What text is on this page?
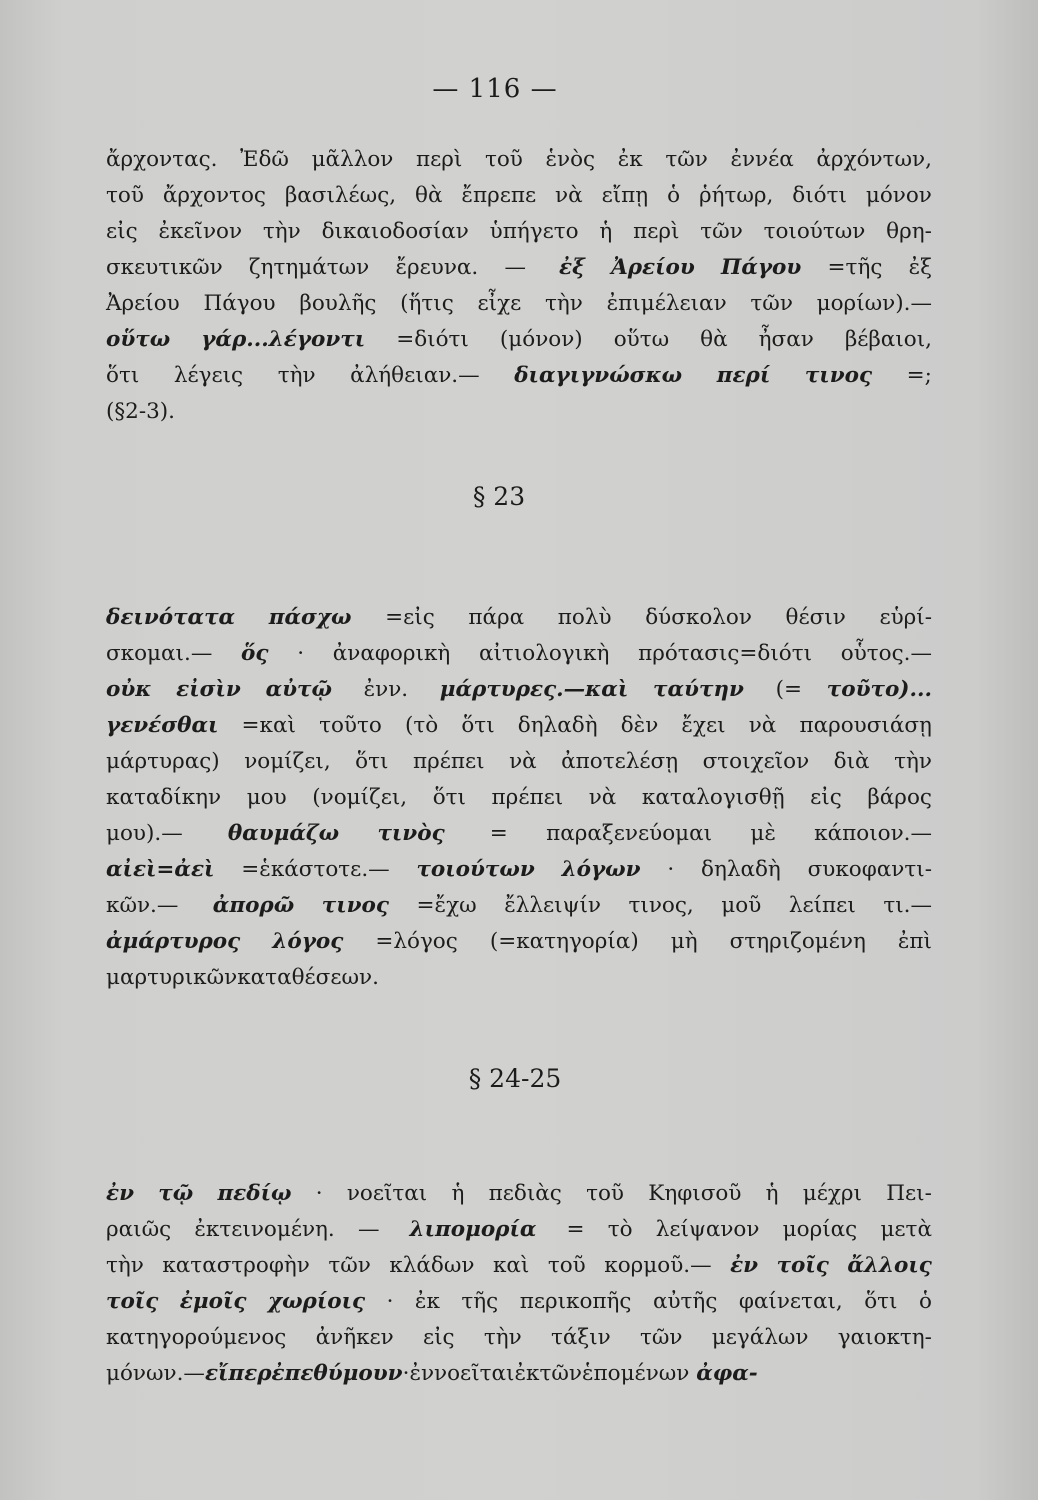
— 116 —
ἄρχοντας. Ἐδῶ μᾶλλον περὶ τοῦ ἑνὸς ἐκ τῶν ἐννέα ἀρχόντων,
τοῦ ἄρχοντος βασιλέως, θὰ ἔπρεπε νὰ εἴπῃ ὁ ῥήτωρ, διότι μόνον
εἰς ἐκεῖνον τὴν δικαιοδοσίαν ὑπήγετο ἡ περὶ τῶν τοιούτων θρη-
σκευτικῶν ζητημάτων ἔρευνα. — ἐξ Ἀρείου Πάγου =τῆς ἐξ
Ἀρείου Πάγου βουλῆς (ἥτις εἶχε τὴν ἐπιμέλειαν τῶν μορίων).—
οὕτω γάρ...λέγοντι =διότι (μόνον) οὕτω θὰ ἦσαν βέβαιοι,
ὅτι λέγεις τὴν ἀλήθειαν.— διαγιγνώσκω περί τινος =;
(§ 2-3).
§ 23
δεινότατα πάσχω =εἰς πάρα πολὺ δύσκολον θέσιν εὑρί-
σκομαι.— ὅς · ἀναφορικὴ αἰτιολογικὴ πρότασις=διότι οὗτος.—
οὐκ εἰσὶν αὐτῷ ἐνν. μάρτυρες.—καὶ ταύτην (= τοῦτο)...
γενέσθαι =καὶ τοῦτο (τὸ ὅτι δηλαδὴ δὲν ἔχει νὰ παρουσιάσῃ
μάρτυρας) νομίζει, ὅτι πρέπει νὰ ἀποτελέσῃ στοιχεῖον διὰ τὴν
καταδίκην μου (νομίζει, ὅτι πρέπει νὰ καταλογισθῇ εἰς βάρος
μου).— θαυμάζω τινὸς = παραξενεύομαι μὲ κάποιον.—
αἰεὶ=ἀεὶ =ἑκάστοτε.— τοιούτων λόγων · δηλαδὴ συκοφαντι-
κῶν.— ἀπορῶ τινος =ἔχω ἔλλειψίν τινος, μοῦ λείπει τι.—
ἀμάρτυρος λόγος =λόγος (=κατηγορία) μὴ στηριζομένη ἐπὶ
μαρτυρικῶν καταθέσεων.
§ 24-25
ἐν τῷ πεδίῳ · νοεῖται ἡ πεδιὰς τοῦ Κηφισοῦ ἡ μέχρι Πει-
ραιῶς ἐκτεινομένη. — λιπομορία = τὸ λείψανον μορίας μετὰ
τὴν καταστροφὴν τῶν κλάδων καὶ τοῦ κορμοῦ.— ἐν τοῖς ἄλλοις
τοῖς ἐμοῖς χωρίοις · ἐκ τῆς περικοπῆς αὐτῆς φαίνεται, ὅτι ὁ
κατηγορούμενος ἀνῆκεν εἰς τὴν τάξιν τῶν μεγάλων γαιοκτη-
μόνων.— εἴπερ ἐπεθύμουν · ἐννοεῖται ἐκ τῶν ἑπομένων ἀφα-
